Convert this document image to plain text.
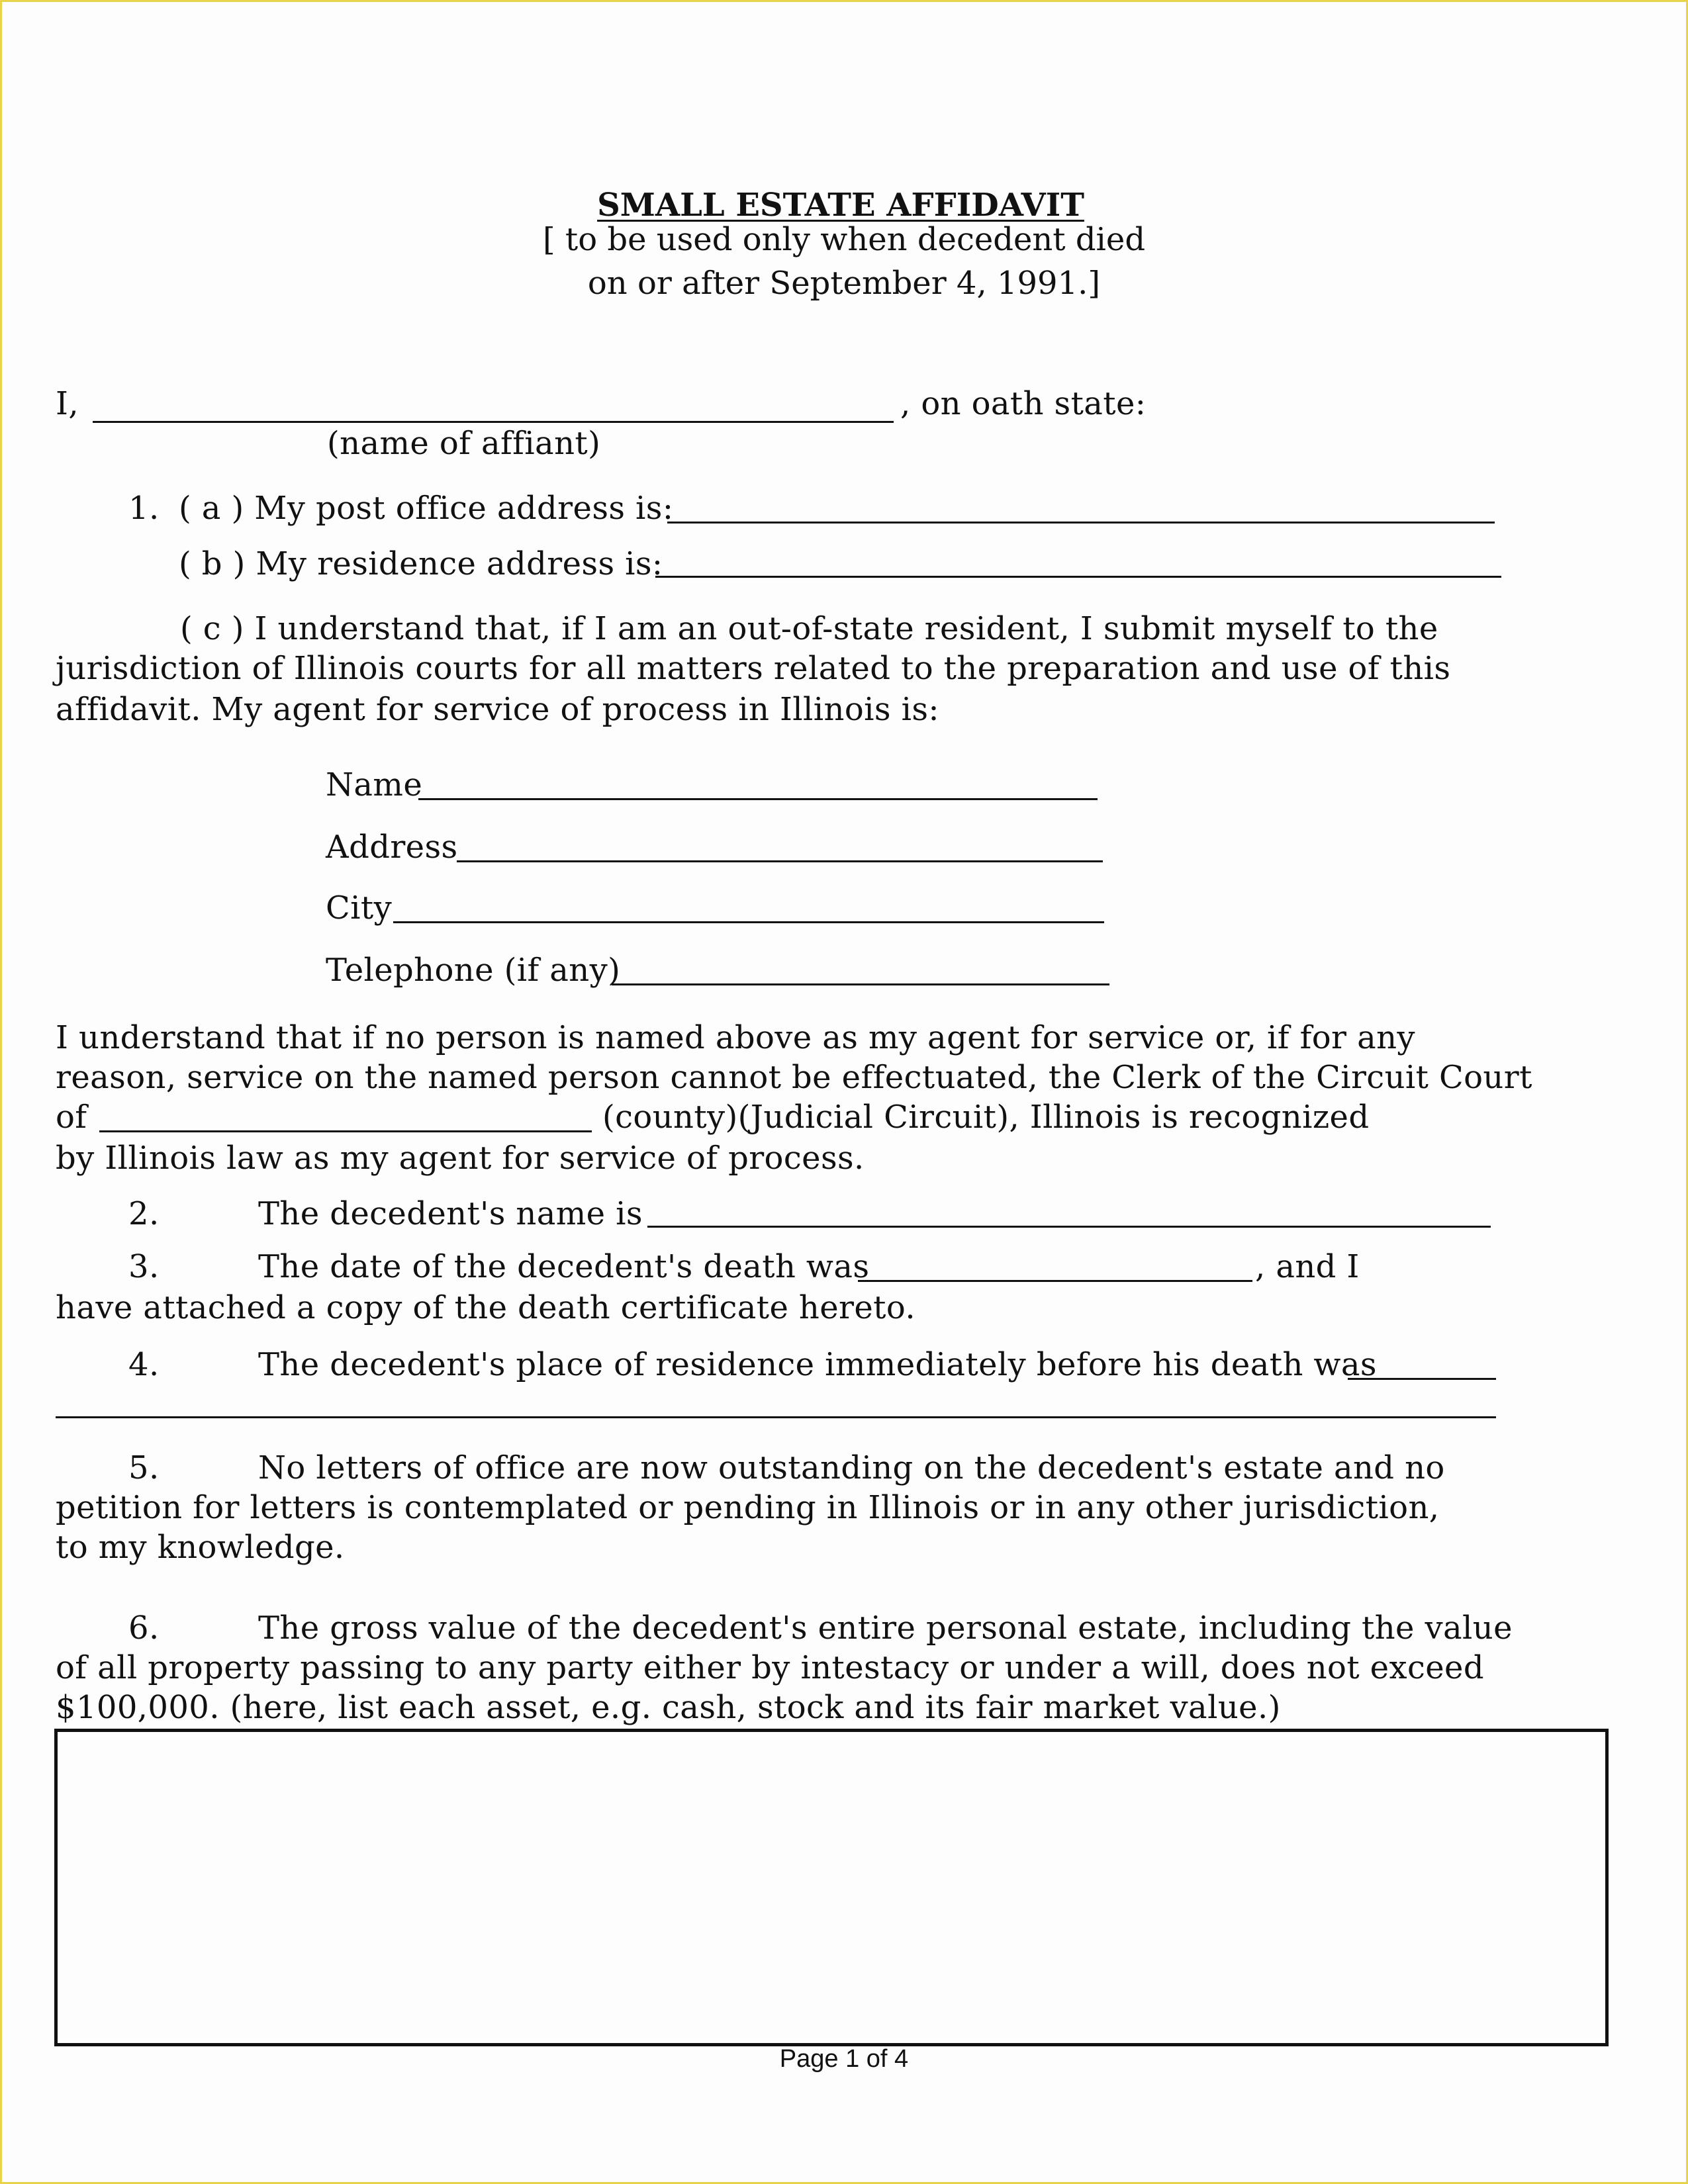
SMALL ESTATE AFFIDAVIT
[ to be used only when decedent died
on or after September 4, 1991.]
I,	, on oath state:
(name of affiant)
1. ( a ) My post office address is:
( b ) My residence address is:
( c ) I understand that, if I am an out-of-state resident, I submit myself to the
jurisdiction of Illinois courts for all matters related to the preparation and use of this
affidavit. My agent for service of process in Illinois is:
Name
Address
City
Telephone (if any)
I understand that if no person is named above as my agent for service or, if for any
reason, service on the named person cannot be effectuated, the Clerk of the Circuit Court
of	(county)(Judicial Circuit), Illinois is recognized
by Illinois law as my agent for service of process.
2.	The decedent's name is
3.	The date of the decedent's death was	, and I
have attached a copy of the death certificate hereto.
4.	The decedent's place of residence immediately before his death was
5.	No letters of office are now outstanding on the decedent's estate and no
petition for letters is contemplated or pending in Illinois or in any other jurisdiction,
to my knowledge.
6.	The gross value of the decedent's entire personal estate, including the value
of all property passing to any party either by intestacy or under a will, does not exceed
$100,000. (here, list each asset, e.g. cash, stock and its fair market value.)
Page 1 of 4
